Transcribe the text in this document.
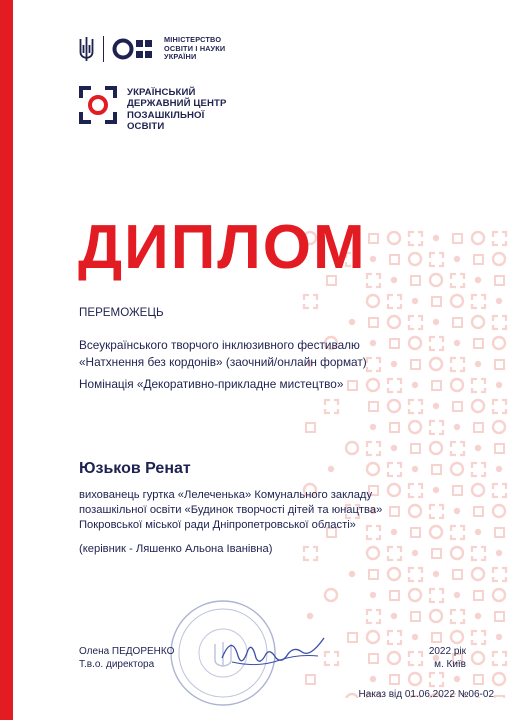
МІНІСТЕРСТВО
ОСВІТИ І НАУКИ
УКРАЇНИ
УКРАЇНСЬКИЙ
ДЕРЖАВНИЙ ЦЕНТР
ПОЗАШКІЛЬНОЇ
ОСВІТИ
ДИПЛОМ
ПЕРЕМОЖЕЦЬ
Всеукраїнського творчого інклюзивного фестивалю
«Натхнення без кордонів» (заочний/онлайн формат)
Номінація «Декоративно-прикладне мистецтво»
Юзьков Ренат
вихованець гуртка «Лелеченька» Комунального закладу
позашкільної освіти «Будинок творчості дітей та юнацтва»
Покровської міської ради Дніпропетровської області»
(керівник - Ляшенко Альона Іванівна)
Олена ПЕДОРЕНКО
Т.в.о. директора
2022 рік
м. Київ
Наказ від 01.06.2022 №06-02
